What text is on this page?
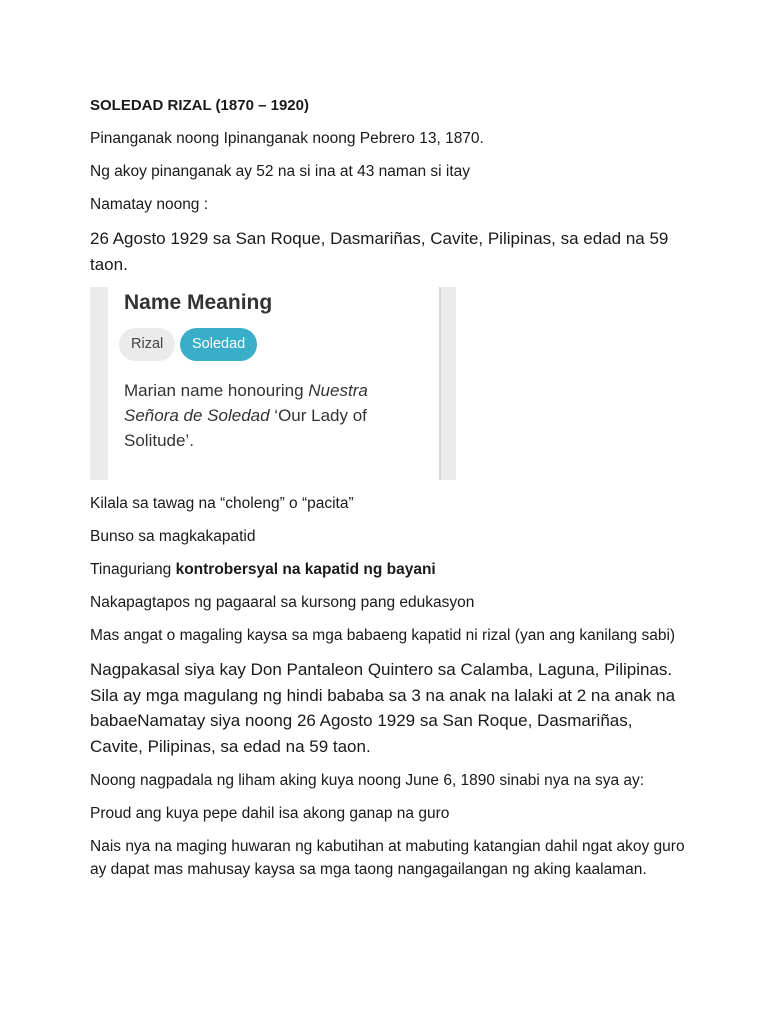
SOLEDAD RIZAL (1870 – 1920)

Pinanganak noong Ipinanganak noong Pebrero 13, 1870.

Ng akoy pinanganak ay 52 na si ina at 43 naman si itay

Namatay noong :

26 Agosto 1929 sa San Roque, Dasmariñas, Cavite, Pilipinas, sa edad na 59 taon.

Name Meaning
Rizal	Soledad
Marian name honouring Nuestra Señora de Soledad ‘Our Lady of Solitude’.

Kilala sa tawag na “choleng” o “pacita”

Bunso sa magkakapatid

Tinaguriang kontrobersyal na kapatid ng bayani

Nakapagtapos ng pagaaral sa kursong pang edukasyon

Mas angat o magaling kaysa sa mga babaeng kapatid ni rizal (yan ang kanilang sabi)

Nagpakasal siya kay Don Pantaleon Quintero sa Calamba, Laguna, Pilipinas. Sila ay mga magulang ng hindi bababa sa 3 na anak na lalaki at 2 na anak na babaeNamatay siya noong 26 Agosto 1929 sa San Roque, Dasmariñas, Cavite, Pilipinas, sa edad na 59 taon.

Noong nagpadala ng liham aking kuya noong June 6, 1890 sinabi nya na sya ay:

Proud ang kuya pepe dahil isa akong ganap na guro

Nais nya na maging huwaran ng kabutihan at mabuting katangian dahil ngat akoy guro ay dapat mas mahusay kaysa sa mga taong nangagailangan ng aking kaalaman.
